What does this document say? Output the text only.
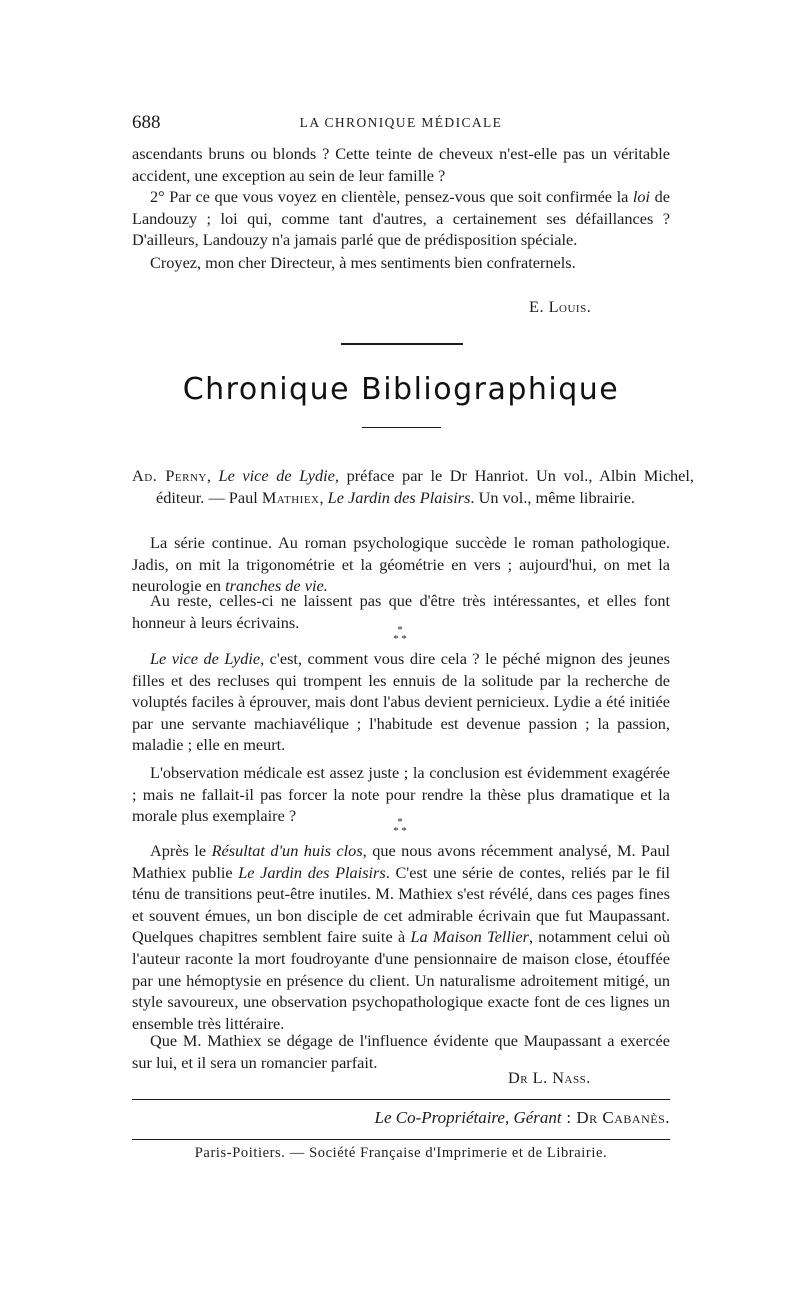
688	LA CHRONIQUE MÉDICALE

ascendants bruns ou blonds ? Cette teinte de cheveux n'est-elle pas un véritable accident, une exception au sein de leur famille ?

2° Par ce que vous voyez en clientèle, pensez-vous que soit confirmée la loi de Landouzy ; loi qui, comme tant d'autres, a certainement ses défaillances ? D'ailleurs, Landouzy n'a jamais parlé que de prédisposition spéciale.

Croyez, mon cher Directeur, à mes sentiments bien confraternels.

E. Louis.
Chronique Bibliographique

Ad. Perny, Le vice de Lydie, préface par le Dr Hanriot. Un vol., Albin Michel, éditeur. — Paul Mathiex, Le Jardin des Plaisirs. Un vol., même librairie.

La série continue. Au roman psychologique succède le roman pathologique. Jadis, on mit la trigonométrie et la géométrie en vers ; aujourd'hui, on met la neurologie en tranches de vie.

Au reste, celles-ci ne laissent pas que d'être très intéressantes, et elles font honneur à leurs écrivains.	*
* *

Le vice de Lydie, c'est, comment vous dire cela ? le péché mignon des jeunes filles et des recluses qui trompent les ennuis de la solitude par la recherche de voluptés faciles à éprouver, mais dont l'abus devient pernicieux. Lydie a été initiée par une servante machiavélique ; l'habitude est devenue passion ; la passion, maladie ; elle en meurt.

L'observation médicale est assez juste ; la conclusion est évidemment exagérée ; mais ne fallait-il pas forcer la note pour rendre la thèse plus dramatique et la morale plus exemplaire ?	*
* *

Après le Résultat d'un huis clos, que nous avons récemment analysé, M. Paul Mathiex publie Le Jardin des Plaisirs. C'est une série de contes, reliés par le fil ténu de transitions peut-être inutiles. M. Mathiex s'est révélé, dans ces pages fines et souvent émues, un bon disciple de cet admirable écrivain que fut Maupassant. Quelques chapitres semblent faire suite à La Maison Tellier, notamment celui où l'auteur raconte la mort foudroyante d'une pensionnaire de maison close, étouffée par une hémoptysie en présence du client. Un naturalisme adroitement mitigé, un style savoureux, une observation psychopathologique exacte font de ces lignes un ensemble très littéraire.

Que M. Mathiex se dégage de l'influence évidente que Maupassant a exercée sur lui, et il sera un romancier parfait.

Dr L. Nass.
Le Co-Propriétaire, Gérant : Dr Cabanès.
Paris-Poitiers. — Société Française d'Imprimerie et de Librairie.
